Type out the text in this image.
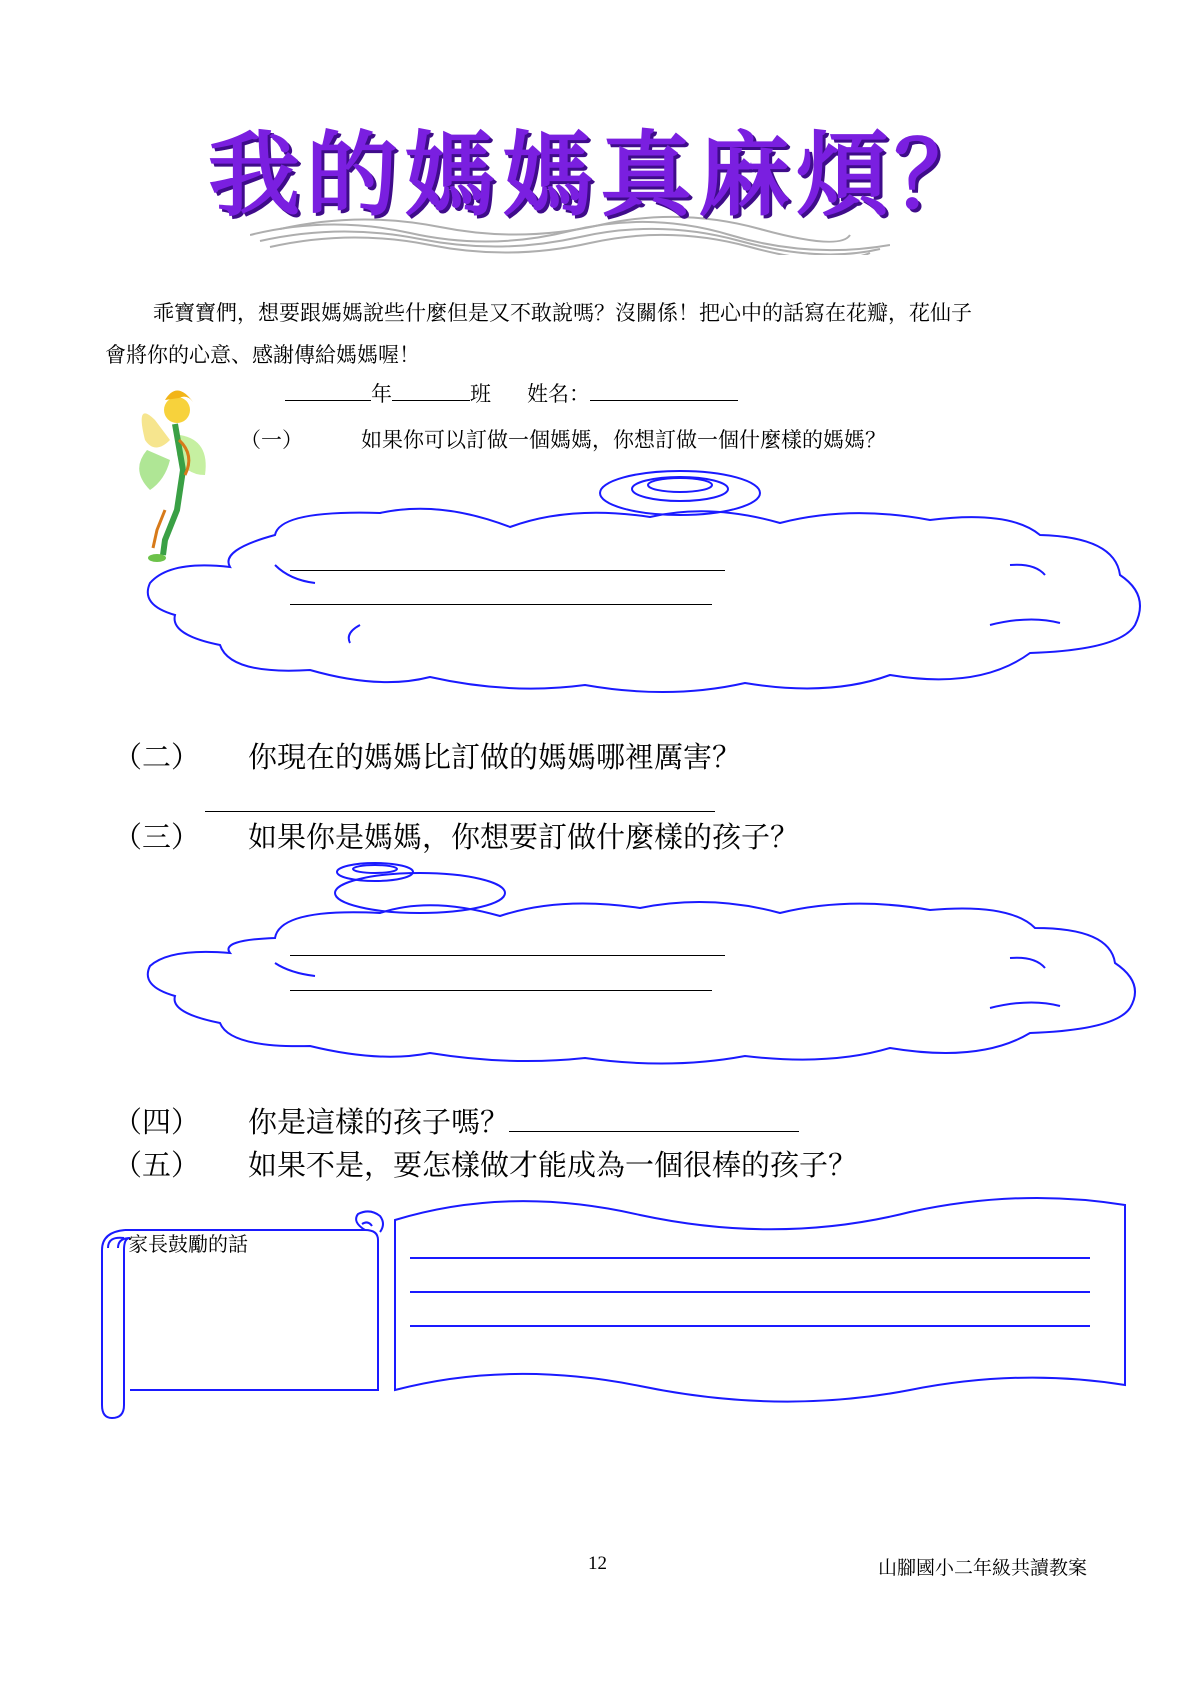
我的媽媽真麻煩？

乖寶寶們，想要跟媽媽說些什麼但是又不敢說嗎？沒關係！把心中的話寫在花瓣，花仙子

會將你的心意、感謝傳給媽媽喔！

年	班 姓名：
（一）	如果你可以訂做一個媽媽，你想訂做一個什麼樣的媽媽？
（二） 你現在的媽媽比訂做的媽媽哪裡厲害？
（三） 如果你是媽媽，你想要訂做什麼樣的孩子？
（四） 你是這樣的孩子嗎？
（五） 如果不是，要怎樣做才能成為一個很棒的孩子？
家長鼓勵的話
12	山腳國小二年級共讀教案
